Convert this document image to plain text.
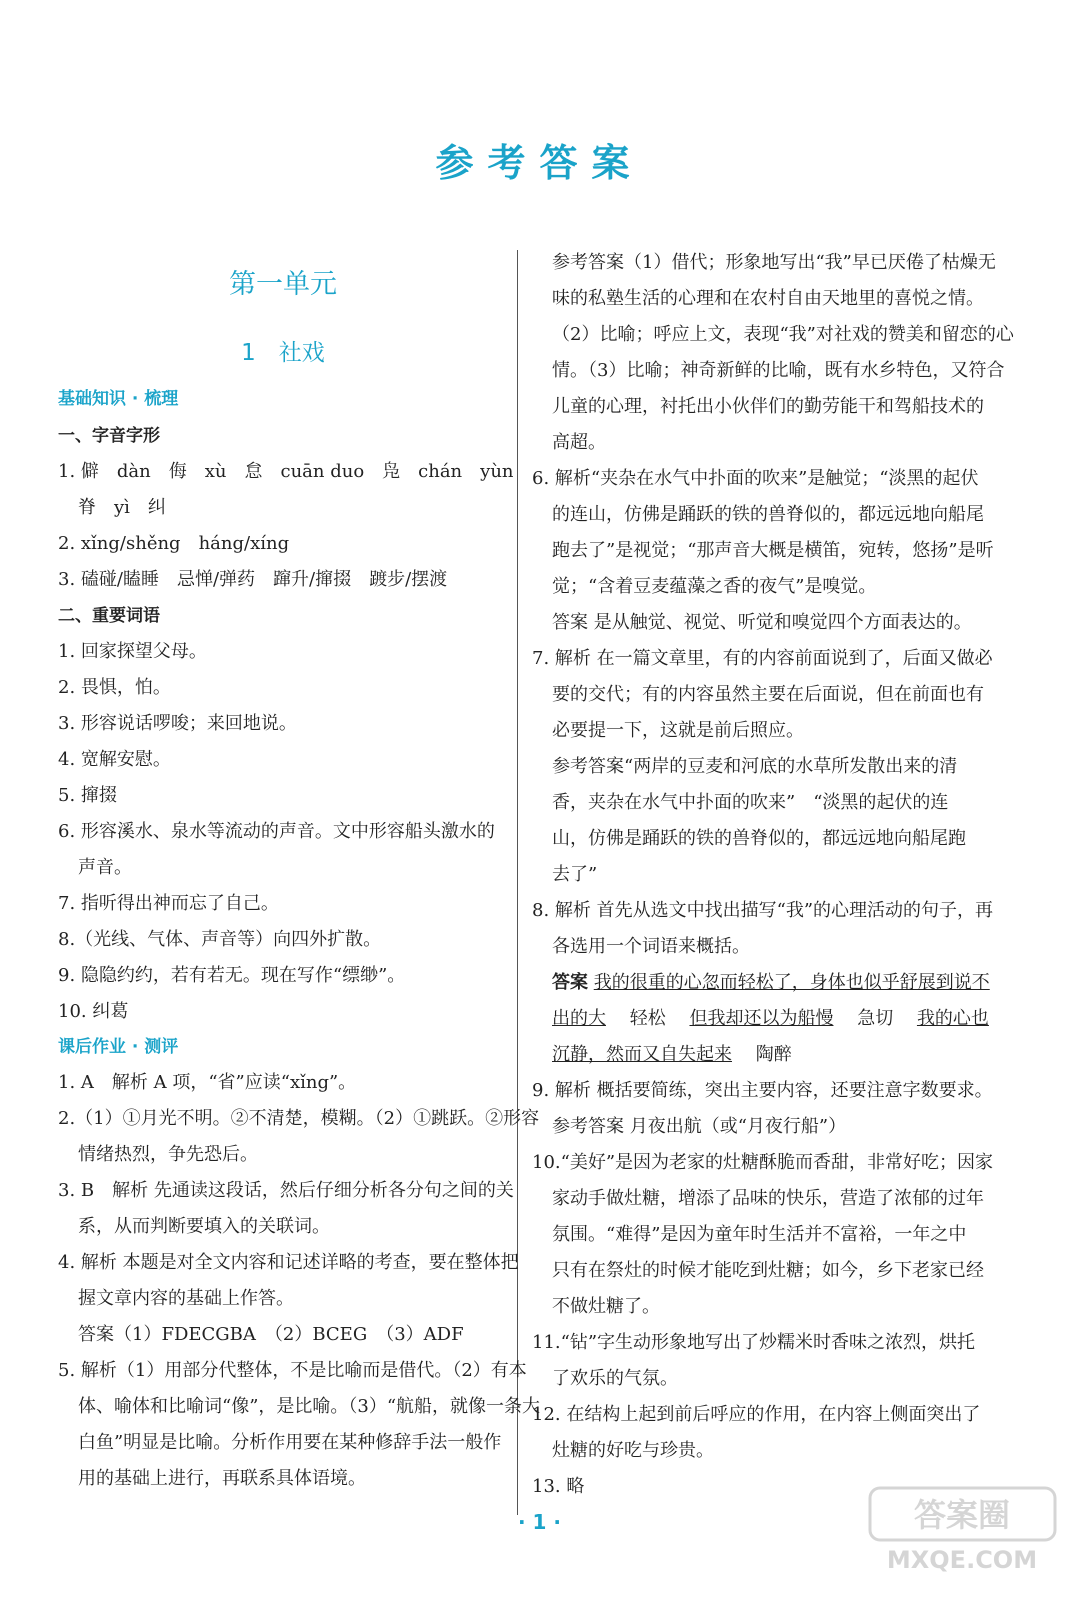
参考答案
第一单元
1　社戏
基础知识 · 梳理
一、字音字形
1. 僻　dàn　侮　xù　怠　cuān duo　凫　chán　yùn
脊　yì　纠
2. xǐng/shěng　háng/xíng
3. 磕碰/瞌睡　忌惮/弹药　蹿升/撺掇　踱步/摆渡
二、重要词语
1. 回家探望父母。
2. 畏惧，怕。
3. 形容说话啰唆；来回地说。
4. 宽解安慰。
5. 撺掇
6. 形容溪水、泉水等流动的声音。文中形容船头激水的
声音。
7. 指听得出神而忘了自己。
8.（光线、气体、声音等）向四外扩散。
9. 隐隐约约，若有若无。现在写作“缥缈”。
10. 纠葛
课后作业 · 测评
1. A　解析 A 项，“省”应读“xǐng”。
2.（1）①月光不明。②不清楚，模糊。（2）①跳跃。②形容
情绪热烈，争先恐后。
3. B　解析 先通读这段话，然后仔细分析各分句之间的关
系，从而判断要填入的关联词。
4. 解析 本题是对全文内容和记述详略的考查，要在整体把
握文章内容的基础上作答。
答案（1）FDECGBA　（2）BCEG　（3）ADF
5. 解析（1）用部分代整体，不是比喻而是借代。（2）有本
体、喻体和比喻词“像”，是比喻。（3）“航船，就像一条大
白鱼”明显是比喻。分析作用要在某种修辞手法一般作
用的基础上进行，再联系具体语境。
参考答案（1）借代；形象地写出“我”早已厌倦了枯燥无
味的私塾生活的心理和在农村自由天地里的喜悦之情。
（2）比喻；呼应上文，表现“我”对社戏的赞美和留恋的心
情。（3）比喻；神奇新鲜的比喻，既有水乡特色，又符合
儿童的心理，衬托出小伙伴们的勤劳能干和驾船技术的
高超。
6. 解析“夹杂在水气中扑面的吹来”是触觉；“淡黑的起伏
的连山，仿佛是踊跃的铁的兽脊似的，都远远地向船尾
跑去了”是视觉；“那声音大概是横笛，宛转，悠扬”是听
觉；“含着豆麦蕴藻之香的夜气”是嗅觉。
答案 是从触觉、视觉、听觉和嗅觉四个方面表达的。
7. 解析 在一篇文章里，有的内容前面说到了，后面又做必
要的交代；有的内容虽然主要在后面说，但在前面也有
必要提一下，这就是前后照应。
参考答案“两岸的豆麦和河底的水草所发散出来的清
香，夹杂在水气中扑面的吹来”　“淡黑的起伏的连
山，仿佛是踊跃的铁的兽脊似的，都远远地向船尾跑
去了”
8. 解析 首先从选文中找出描写“我”的心理活动的句子，再
各选用一个词语来概括。
答案 我的很重的心忽而轻松了，身体也似乎舒展到说不
出的大　 轻松　 但我却还以为船慢　 急切　 我的心也
沉静，然而又自失起来　 陶醉
9. 解析 概括要简练，突出主要内容，还要注意字数要求。
参考答案 月夜出航（或“月夜行船”）
10.“美好”是因为老家的灶糖酥脆而香甜，非常好吃；因家
家动手做灶糖，增添了品味的快乐，营造了浓郁的过年
氛围。“难得”是因为童年时生活并不富裕，一年之中
只有在祭灶的时候才能吃到灶糖；如今，乡下老家已经
不做灶糖了。
11.“钻”字生动形象地写出了炒糯米时香味之浓烈，烘托
了欢乐的气氛。
12. 在结构上起到前后呼应的作用，在内容上侧面突出了
灶糖的好吃与珍贵。
13. 略
· 1 ·	答案圈
MXQE.COM
